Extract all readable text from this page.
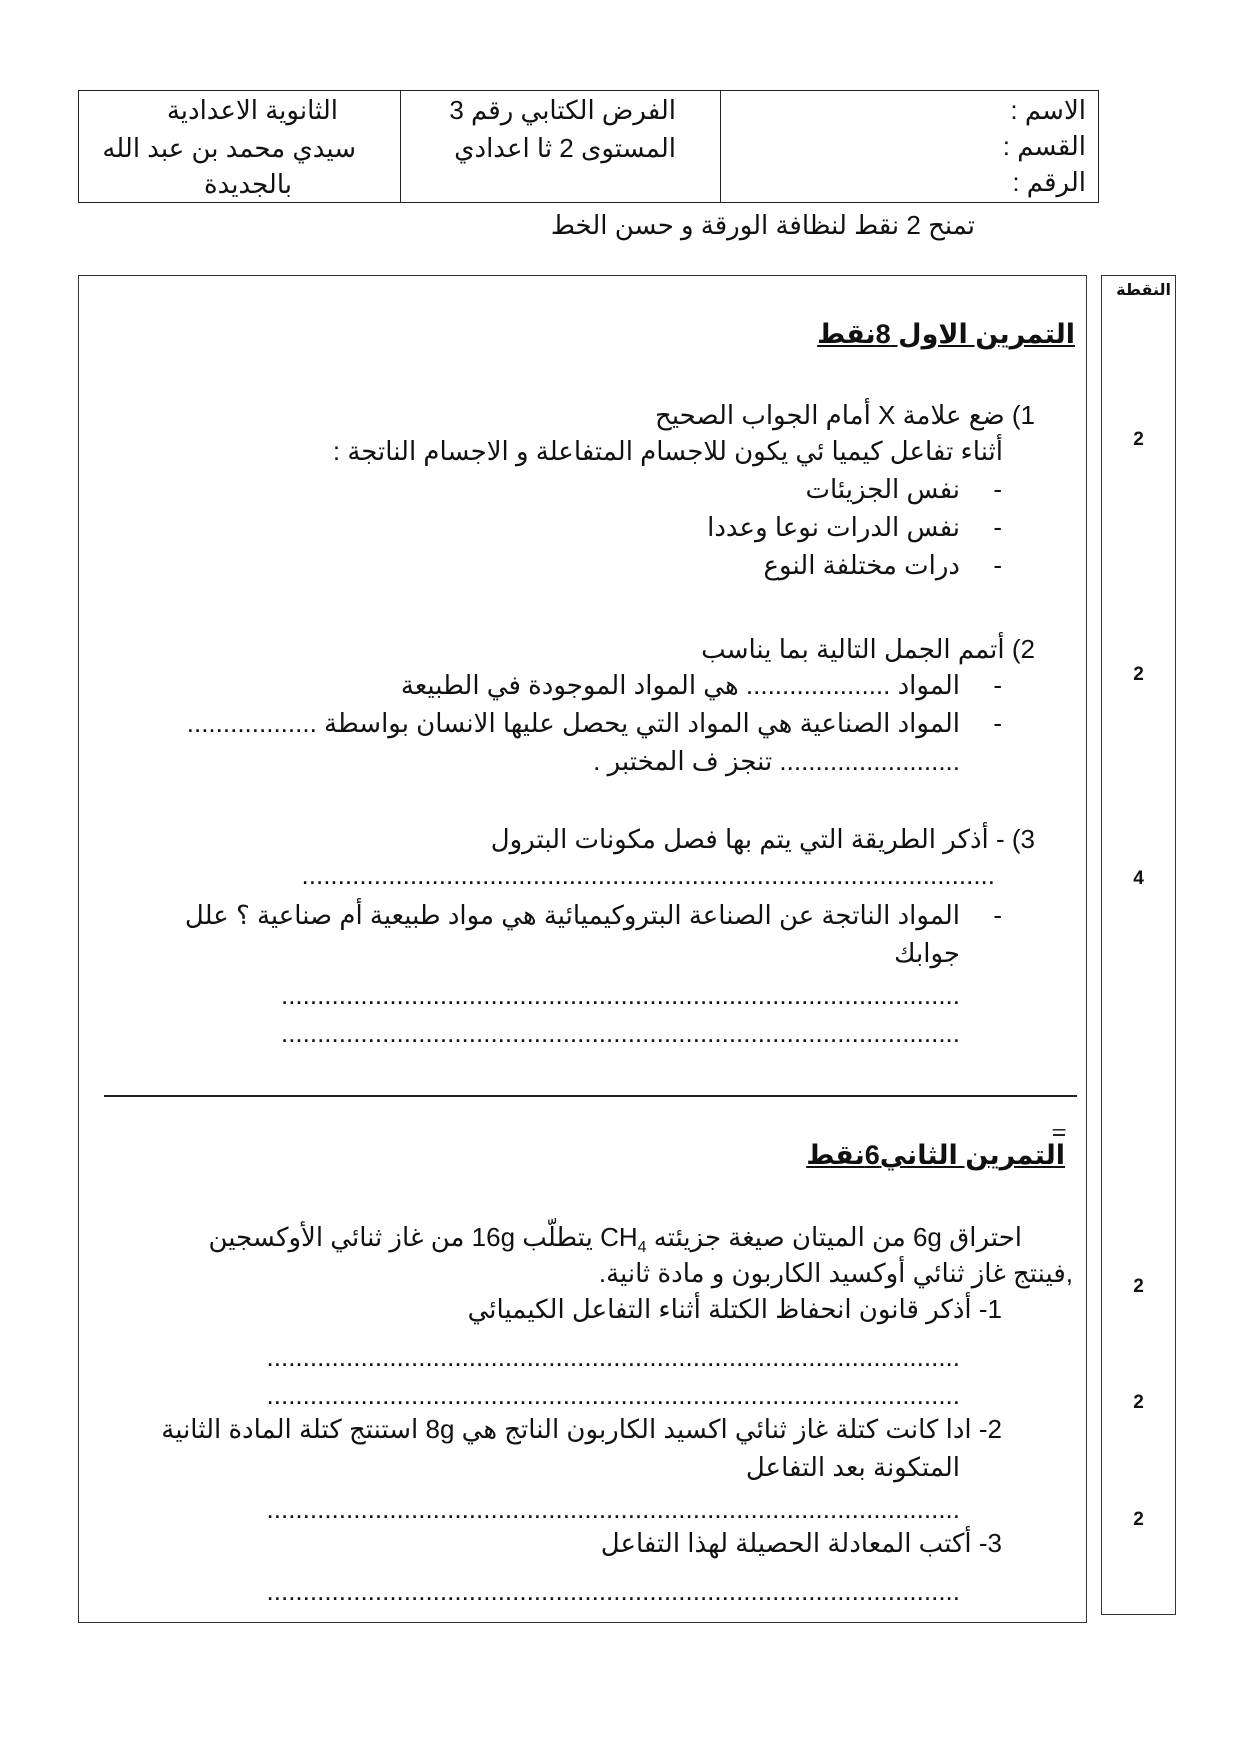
الثانوية الاعدادية
سيدي محمد بن عبد الله
بالجديدة
الفرض الكتابي رقم 3
المستوى 2 ثا اعدادي
الاسم :
القسم :
الرقم :
تمنح 2 نقط لنظافة الورقة و حسن الخط
النقطة
2
2
4
2
2
2
التمرين الاول 8نقط
1) ضع علامة X أمام الجواب الصحيح
أثناء تفاعل كيميا ئي يكون للاجسام المتفاعلة و الاجسام الناتجة :
- نفس الجزيئات
- نفس الدرات نوعا وعددا
- درات مختلفة النوع
2) أتمم الجمل التالية بما يناسب
- المواد .................... هي المواد الموجودة في الطبيعة
- المواد الصناعية هي المواد التي يحصل عليها الانسان بواسطة ..................
......................... تنجز ف المختبر .
3) - أذكر الطريقة التي يتم بها فصل مكونات البترول
................................................................................................
- المواد الناتجة عن الصناعة البتروكيميائية هي مواد طبيعية أم صناعية ؟ علل
جوابك
..............................................................................................
..............................................................................................
_
التمرين الثاني6نقط
احتراق 6g من الميتان صيغة جزيئته $CH_4$ يتطلّب 16g من غاز ثنائي الأوكسجين
,فينتج غاز ثنائي أوكسيد الكاربون و مادة ثانية.
1- أذكر قانون انحفاظ الكتلة أثناء التفاعل الكيميائي
................................................................................................
................................................................................................
2- ادا كانت كتلة غاز ثنائي اكسيد الكاربون الناتج هي 8g استنتج كتلة المادة الثانية
المتكونة بعد التفاعل
................................................................................................
3- أكتب المعادلة الحصيلة لهذا التفاعل
................................................................................................
